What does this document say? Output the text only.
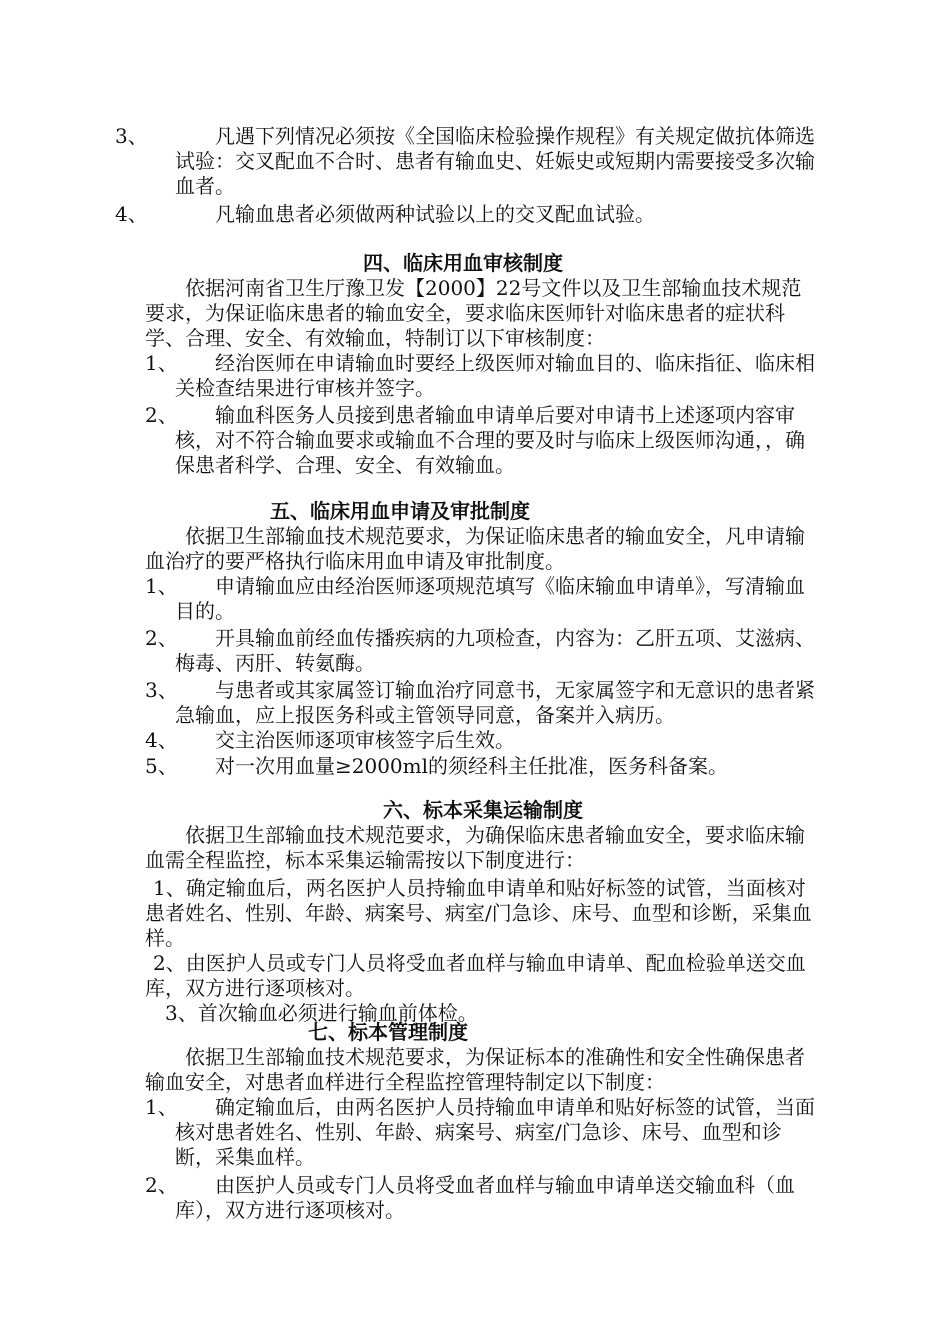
3、	凡遇下列情况必须按《全国临床检验操作规程》有关规定做抗体筛选试验：交叉配血不合时、患者有输血史、妊娠史或短期内需要接受多次输血者。
4、	凡输血患者必须做两种试验以上的交叉配血试验。
四、临床用血审核制度
依据河南省卫生厅豫卫发【2000】22号文件以及卫生部输血技术规范要求，为保证临床患者的输血安全，要求临床医师针对临床患者的症状科学、合理、安全、有效输血，特制订以下审核制度：
1、	经治医师在申请输血时要经上级医师对输血目的、临床指征、临床相关检查结果进行审核并签字。
2、	输血科医务人员接到患者输血申请单后要对申请书上述逐项内容审核，对不符合输血要求或输血不合理的要及时与临床上级医师沟通，，确保患者科学、合理、安全、有效输血。
五、临床用血申请及审批制度
依据卫生部输血技术规范要求，为保证临床患者的输血安全，凡申请输血治疗的要严格执行临床用血申请及审批制度。
1、	申请输血应由经治医师逐项规范填写《临床输血申请单》，写清输血目的。
2、	开具输血前经血传播疾病的九项检查，内容为：乙肝五项、艾滋病、梅毒、丙肝、转氨酶。
3、	与患者或其家属签订输血治疗同意书，无家属签字和无意识的患者紧急输血，应上报医务科或主管领导同意，备案并入病历。
4、	交主治医师逐项审核签字后生效。
5、	对一次用血量≥2000ml的须经科主任批准，医务科备案。
六、标本采集运输制度
依据卫生部输血技术规范要求，为确保临床患者输血安全，要求临床输血需全程监控，标本采集运输需按以下制度进行：
1、确定输血后，两名医护人员持输血申请单和贴好标签的试管，当面核对患者姓名、性别、年龄、病案号、病室/门急诊、床号、血型和诊断，采集血样。
2、由医护人员或专门人员将受血者血样与输血申请单、配血检验单送交血库，双方进行逐项核对。
3、首次输血必须进行输血前体检。
七、标本管理制度
依据卫生部输血技术规范要求，为保证标本的准确性和安全性确保患者输血安全，对患者血样进行全程监控管理特制定以下制度：
1、	确定输血后，由两名医护人员持输血申请单和贴好标签的试管，当面核对患者姓名、性别、年龄、病案号、病室/门急诊、床号、血型和诊断，采集血样。
2、	由医护人员或专门人员将受血者血样与输血申请单送交输血科（血库），双方进行逐项核对。
